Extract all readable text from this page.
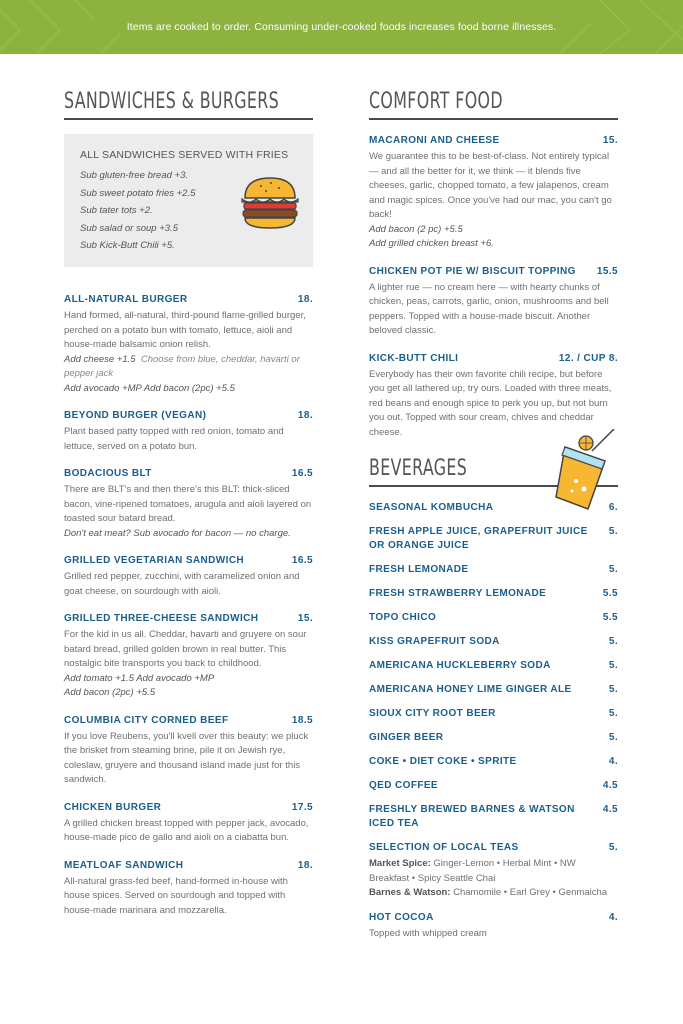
Items are cooked to order. Consuming under-cooked foods increases food borne illnesses.
SANDWICHES & BURGERS
ALL SANDWICHES SERVED WITH FRIES
Sub gluten-free bread +3.
Sub sweet potato fries +2.5
Sub tater tots +2.
Sub salad or soup +3.5
Sub Kick-Butt Chili +5.
ALL-NATURAL BURGER	18.
Hand formed, all-natural, third-pound flame-grilled burger, perched on a potato bun with tomato, lettuce, aioli and house-made balsamic onion relish.
Add cheese +1.5 Choose from blue, cheddar, havarti or pepper jack
Add avocado +MP Add bacon (2pc) +5.5
BEYOND BURGER (VEGAN)	18.
Plant based patty topped with red onion, tomato and lettuce, served on a potato bun.
BODACIOUS BLT	16.5
There are BLT's and then there's this BLT: thick-sliced bacon, vine-ripened tomatoes, arugula and aioli layered on toasted sour batard bread.
Don't eat meat? Sub avocado for bacon — no charge.
GRILLED VEGETARIAN SANDWICH	16.5
Grilled red pepper, zucchini, with caramelized onion and goat cheese, on sourdough with aioli.
GRILLED THREE-CHEESE SANDWICH	15.
For the kid in us all. Cheddar, havarti and gruyere on sour batard bread, grilled golden brown in real butter. This nostalgic bite transports you back to childhood.
Add tomato +1.5 Add avocado +MP
Add bacon (2pc) +5.5
COLUMBIA CITY CORNED BEEF	18.5
If you love Reubens, you'll kvell over this beauty: we pluck the brisket from steaming brine, pile it on Jewish rye, coleslaw, gruyere and thousand island made just for this sandwich.
CHICKEN BURGER	17.5
A grilled chicken breast topped with pepper jack, avocado, house-made pico de gallo and aioli on a ciabatta bun.
MEATLOAF SANDWICH	18.
All-natural grass-fed beef, hand-formed in-house with house spices. Served on sourdough and topped with house-made marinara and mozzarella.
COMFORT FOOD
MACARONI AND CHEESE	15.
We guarantee this to be best-of-class. Not entirely typical — and all the better for it, we think — it blends five cheeses, garlic, chopped tomato, a few jalapenos, cream and magic spices. Once you've had our mac, you can't go back!
Add bacon (2 pc) +5.5
Add grilled chicken breast +6.
CHICKEN POT PIE W/ BISCUIT TOPPING	15.5
A lighter rue — no cream here — with hearty chunks of chicken, peas, carrots, garlic, onion, mushrooms and bell peppers. Topped with a house-made biscuit. Another beloved classic.
KICK-BUTT CHILI	12. / CUP 8.
Everybody has their own favorite chili recipe, but before you get all lathered up, try ours. Loaded with three meats, red beans and enough spice to perk you up, but not burn you out. Topped with sour cream, chives and cheddar cheese.
BEVERAGES
SEASONAL KOMBUCHA	6.
FRESH APPLE JUICE, GRAPEFRUIT JUICE OR ORANGE JUICE
5.
FRESH LEMONADE	5.
FRESH STRAWBERRY LEMONADE	5.5
TOPO CHICO	5.5
KISS GRAPEFRUIT SODA	5.
AMERICANA HUCKLEBERRY SODA	5.
AMERICANA HONEY LIME GINGER ALE	5.
SIOUX CITY ROOT BEER	5.
GINGER BEER	5.
COKE • DIET COKE • SPRITE	4.
QED COFFEE	4.5
FRESHLY BREWED BARNES & WATSON ICED TEA
4.5
SELECTION OF LOCAL TEAS	5.
Market Spice: Ginger-Lemon • Herbal Mint • NW Breakfast • Spicy Seattle Chai
Barnes & Watson: Chamomile • Earl Grey • Genmaicha
HOT COCOA	4.
Topped with whipped cream
